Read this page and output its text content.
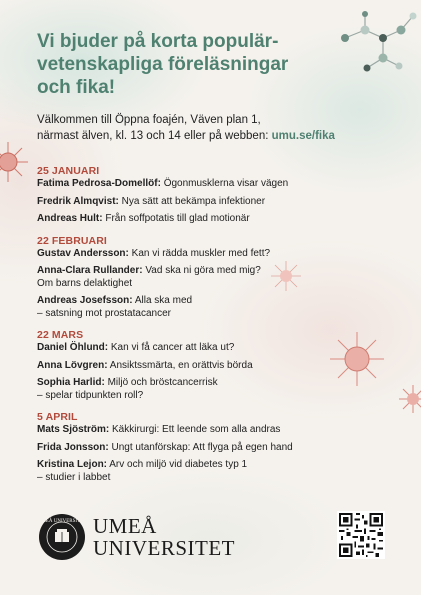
Vi bjuder på korta populär-
vetenskapliga föreläsningar
och fika!
Välkommen till Öppna foajén, Väven plan 1,
närmast älven, kl. 13 och 14 eller på webben: umu.se/fika
25 JANUARI
Fatima Pedrosa-Domellöf: Ögonmusklerna visar vägen
Fredrik Almqvist: Nya sätt att bekämpa infektioner
Andreas Hult: Från soffpotatis till glad motionär
22 FEBRUARI
Gustav Andersson: Kan vi rädda muskler med fett?
Anna-Clara Rullander: Vad ska ni göra med mig?
Om barns delaktighet
Andreas Josefsson: Alla ska med
– satsning mot prostatacancer
22 MARS
Daniel Öhlund: Kan vi få cancer att läka ut?
Anna Lövgren: Ansiktssmärta, en orättvis börda
Sophia Harlid: Miljö och bröstcancerrisk
– spelar tidpunkten roll?
5 APRIL
Mats Sjöström: Käkkirurgi: Ett leende som alla andras
Frida Jonsson: Ungt utanförskap: Att flyga på egen hand
Kristina Lejon: Arv och miljö vid diabetes typ 1
– studier i labbet
UMEÅ UNIVERSITET UMEÅ
UNIVERSITET
